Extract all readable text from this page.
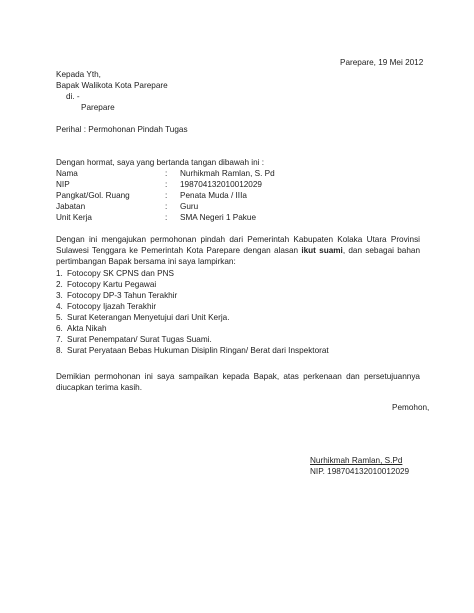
Parepare, 19 Mei 2012
Kepada Yth,
Bapak Walikota Kota Parepare
di. -
Parepare
Perihal : Permohonan Pindah Tugas
Dengan hormat, saya yang bertanda tangan dibawah ini :
Nama	: Nurhikmah Ramlan, S. Pd
NIP	: 198704132010012029
Pangkat/Gol. Ruang	: Penata Muda / IIIa
Jabatan	: Guru
Unit Kerja	: SMA Negeri 1 Pakue
Dengan ini mengajukan permohonan pindah dari Pemerintah Kabupaten Kolaka Utara Provinsi Sulawesi Tenggara ke Pemerintah Kota Parepare dengan alasan ikut suami, dan sebagai bahan pertimbangan Bapak bersama ini saya lampirkan:
1. Fotocopy SK CPNS dan PNS
2. Fotocopy Kartu Pegawai
3. Fotocopy DP-3 Tahun Terakhir
4. Fotocopy Ijazah Terakhir
5. Surat Keterangan Menyetujui dari Unit Kerja.
6. Akta Nikah
7. Surat Penempatan/ Surat Tugas Suami.
8. Surat Peryataan Bebas Hukuman Disiplin Ringan/ Berat dari Inspektorat
Demikian permohonan ini saya sampaikan kepada Bapak, atas perkenaan dan persetujuannya diucapkan terima kasih.
Pemohon,
Nurhikmah Ramlan, S.Pd
NIP. 198704132010012029
